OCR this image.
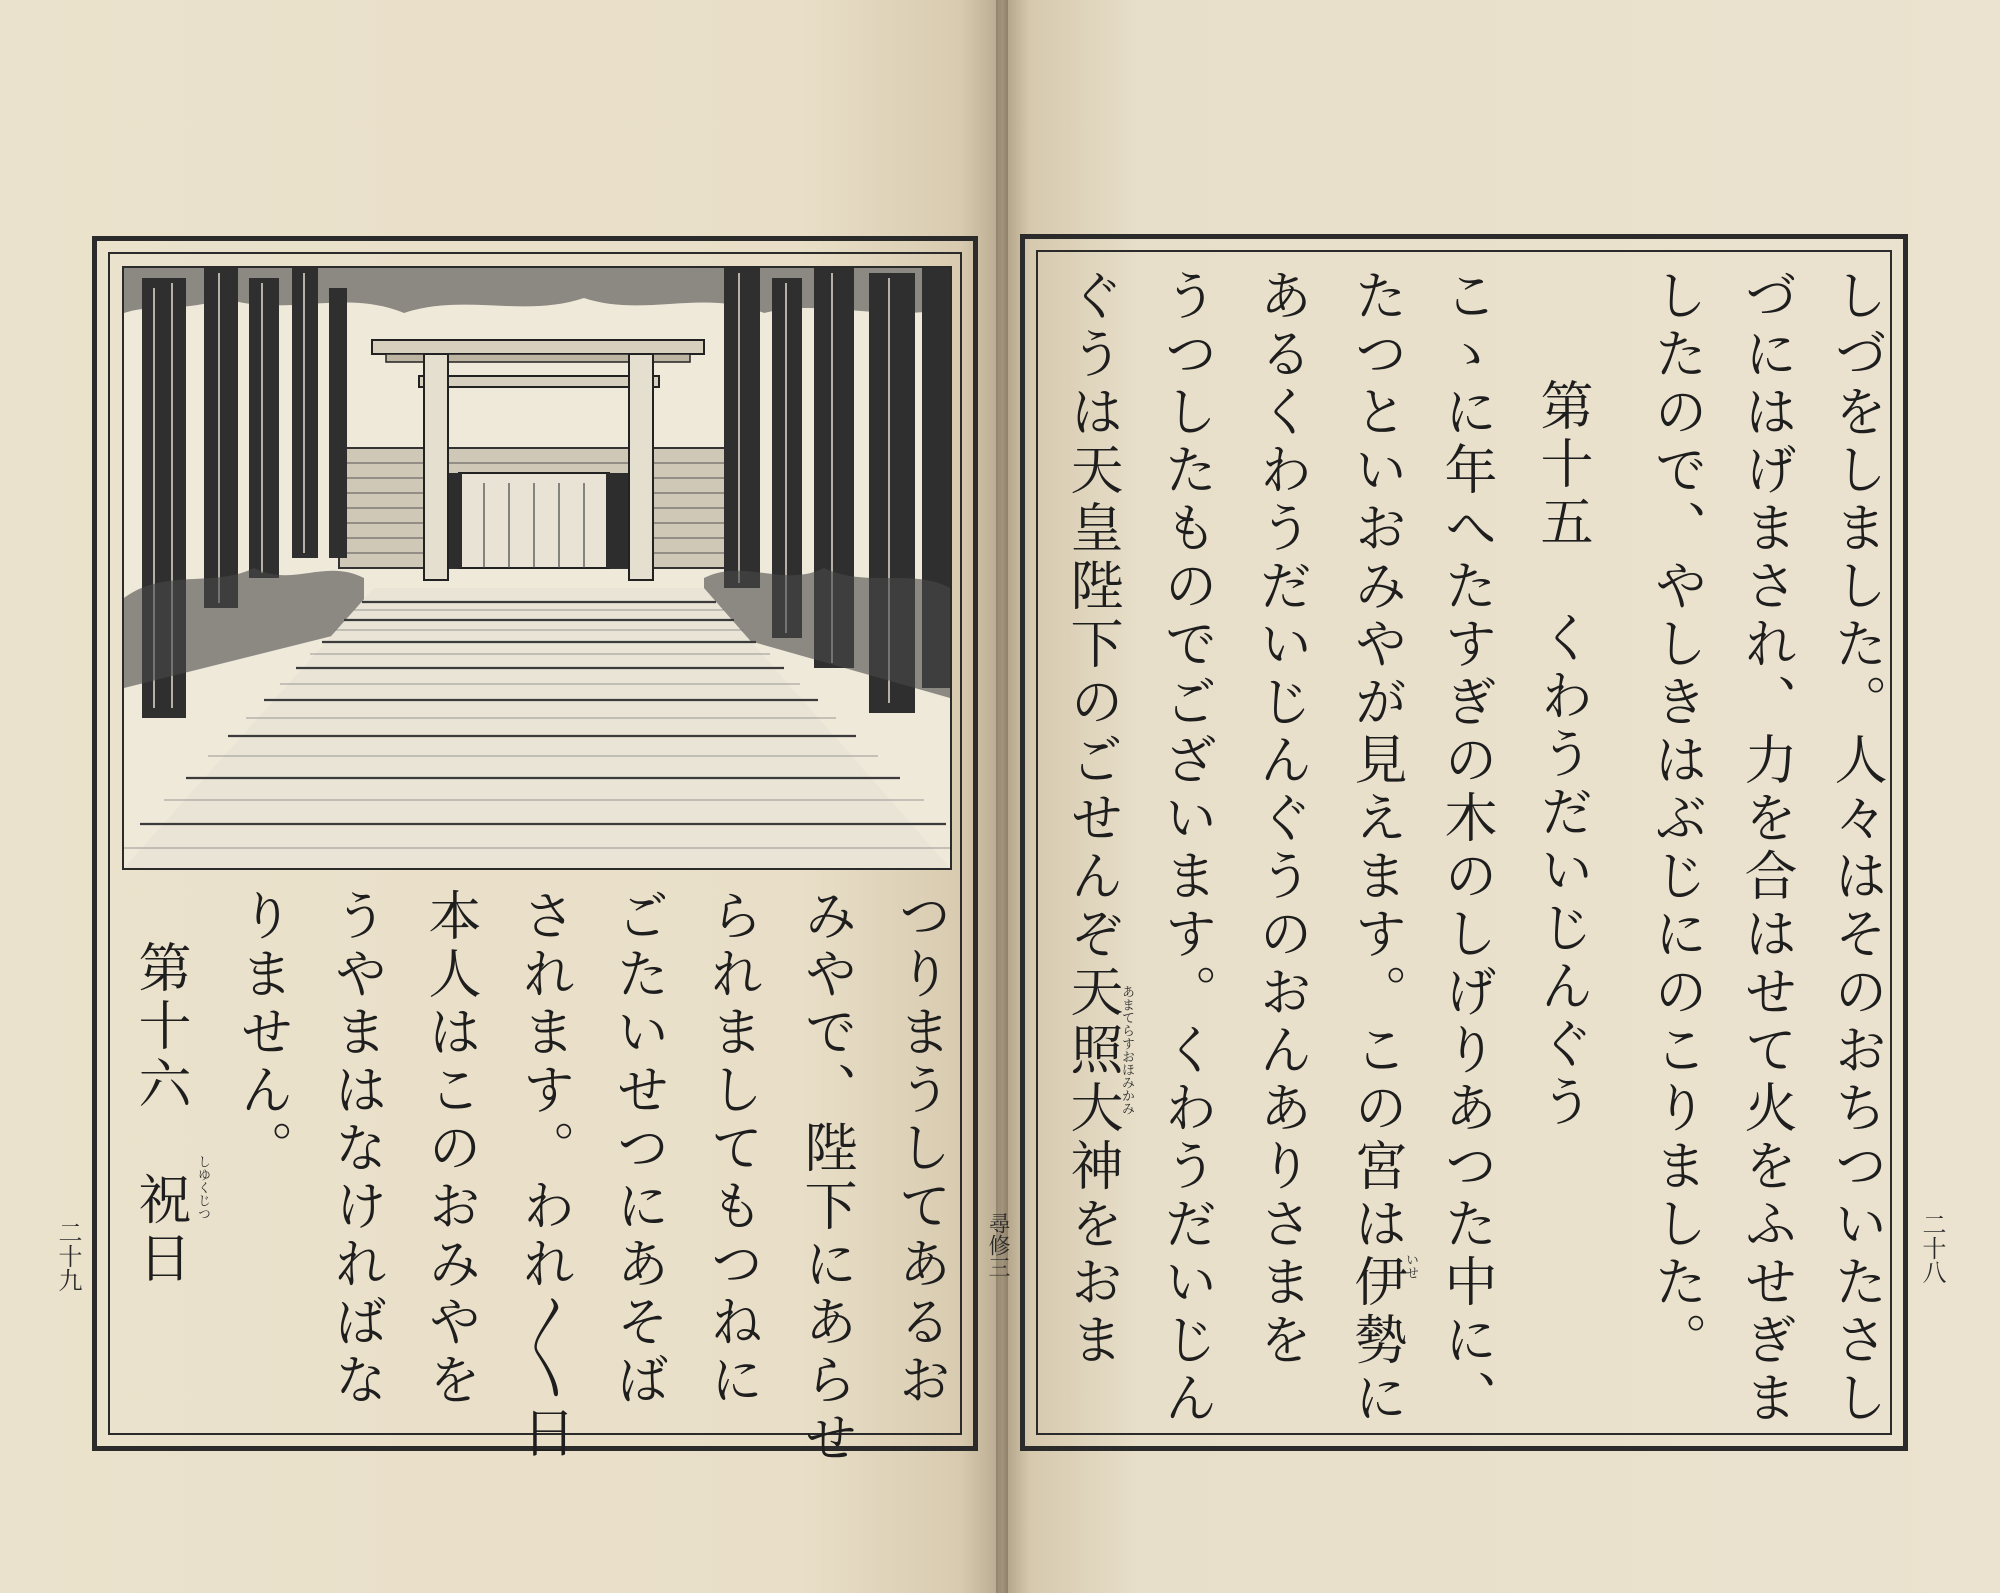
しづをしました。人々はそのおちついたさし
づにはげまされ、力を合はせて火をふせぎま
したので、やしきはぶじにのこりました。
第十五　くわうだいじんぐう
こゝに年へたすぎの木のしげりあつた中に、
たつといおみやが見えます。この宮は伊勢に
あるくわうだいじんぐうのおんありさまを
うつしたものでございます。くわうだいじん
ぐうは天皇陛下のごせんぞ天照大神をおま	いせ
あまてらす
おほみかみ
つりまうしてあるお
みやで、陛下にあらせ
られましてもつねに
ごたいせつにあそば
されます。われ〳〵日
本人はこのおみやを
うやまはなければな
りません。
第十六　祝日 しゆくじつ
二十八
二十九	尋修三
